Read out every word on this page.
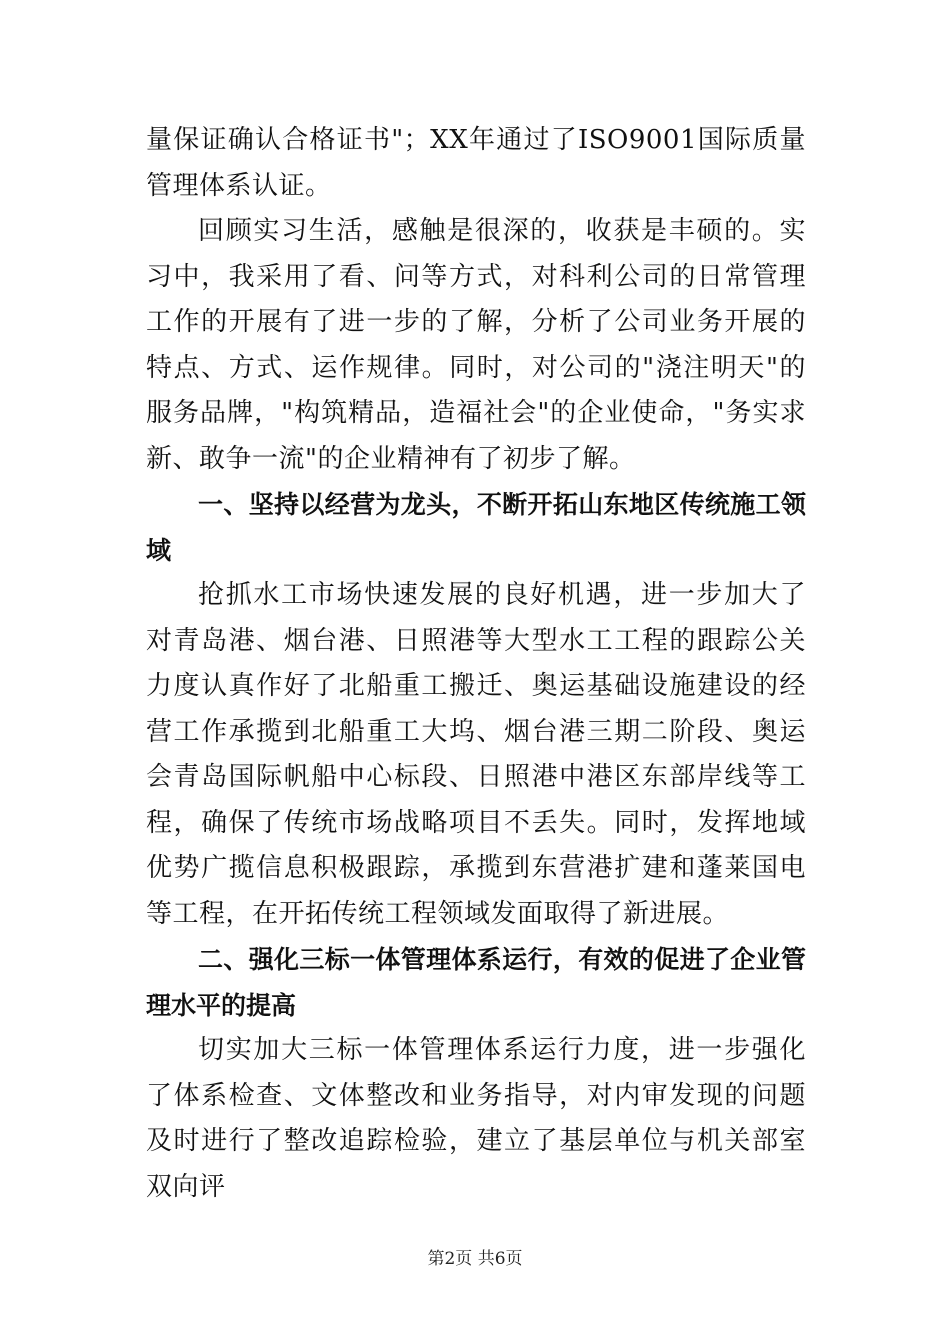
量保证确认合格证书"；XX年通过了ISO9001国际质量管理体系认证。

回顾实习生活，感触是很深的，收获是丰硕的。实习中，我采用了看、问等方式，对科利公司的日常管理工作的开展有了进一步的了解，分析了公司业务开展的特点、方式、运作规律。同时，对公司的"浇注明天"的服务品牌，"构筑精品，造福社会"的企业使命，"务实求新、敢争一流"的企业精神有了初步了解。

一、坚持以经营为龙头，不断开拓山东地区传统施工领域

抢抓水工市场快速发展的良好机遇，进一步加大了对青岛港、烟台港、日照港等大型水工工程的跟踪公关力度认真作好了北船重工搬迁、奥运基础设施建设的经营工作承揽到北船重工大坞、烟台港三期二阶段、奥运会青岛国际帆船中心标段、日照港中港区东部岸线等工程，确保了传统市场战略项目不丢失。同时，发挥地域优势广揽信息积极跟踪，承揽到东营港扩建和蓬莱国电等工程，在开拓传统工程领域发面取得了新进展。

二、强化三标一体管理体系运行，有效的促进了企业管理水平的提高

切实加大三标一体管理体系运行力度，进一步强化了体系检查、文体整改和业务指导，对内审发现的问题及时进行了整改追踪检验，建立了基层单位与机关部室双向评

第2页 共6页
